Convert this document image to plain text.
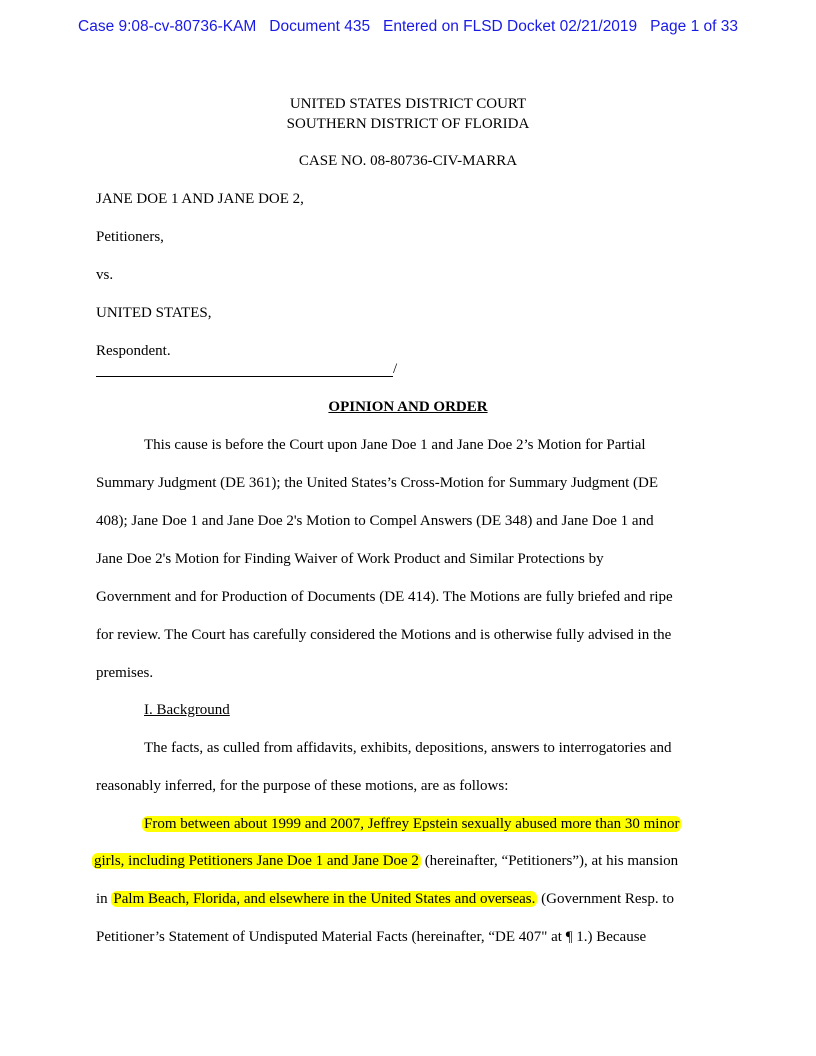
Case 9:08-cv-80736-KAM   Document 435   Entered on FLSD Docket 02/21/2019   Page 1 of 33
UNITED STATES DISTRICT COURT
SOUTHERN DISTRICT OF FLORIDA
CASE NO. 08-80736-CIV-MARRA
JANE DOE 1 AND JANE DOE 2,
Petitioners,
vs.
UNITED STATES,
Respondent.
/
OPINION AND ORDER
This cause is before the Court upon Jane Doe 1 and Jane Doe 2’s Motion for Partial
Summary Judgment (DE 361); the United States’s Cross-Motion for Summary Judgment (DE
408); Jane Doe 1 and Jane Doe 2's Motion to Compel Answers (DE 348) and Jane Doe 1 and
Jane Doe 2's Motion for Finding Waiver of Work Product and Similar Protections by
Government and for Production of Documents (DE 414). The Motions are fully briefed and ripe
for review. The Court has carefully considered the Motions and is otherwise fully advised in the
premises.
I. Background
The facts, as culled from affidavits, exhibits, depositions, answers to interrogatories and
reasonably inferred, for the purpose of these motions, are as follows:
From between about 1999 and 2007, Jeffrey Epstein sexually abused more than 30 minor
girls, including Petitioners Jane Doe 1 and Jane Doe 2 (hereinafter, “Petitioners”), at his mansion
in Palm Beach, Florida, and elsewhere in the United States and overseas. (Government Resp. to
Petitioner’s Statement of Undisputed Material Facts (hereinafter, “DE 407" at ¶ 1.) Because
